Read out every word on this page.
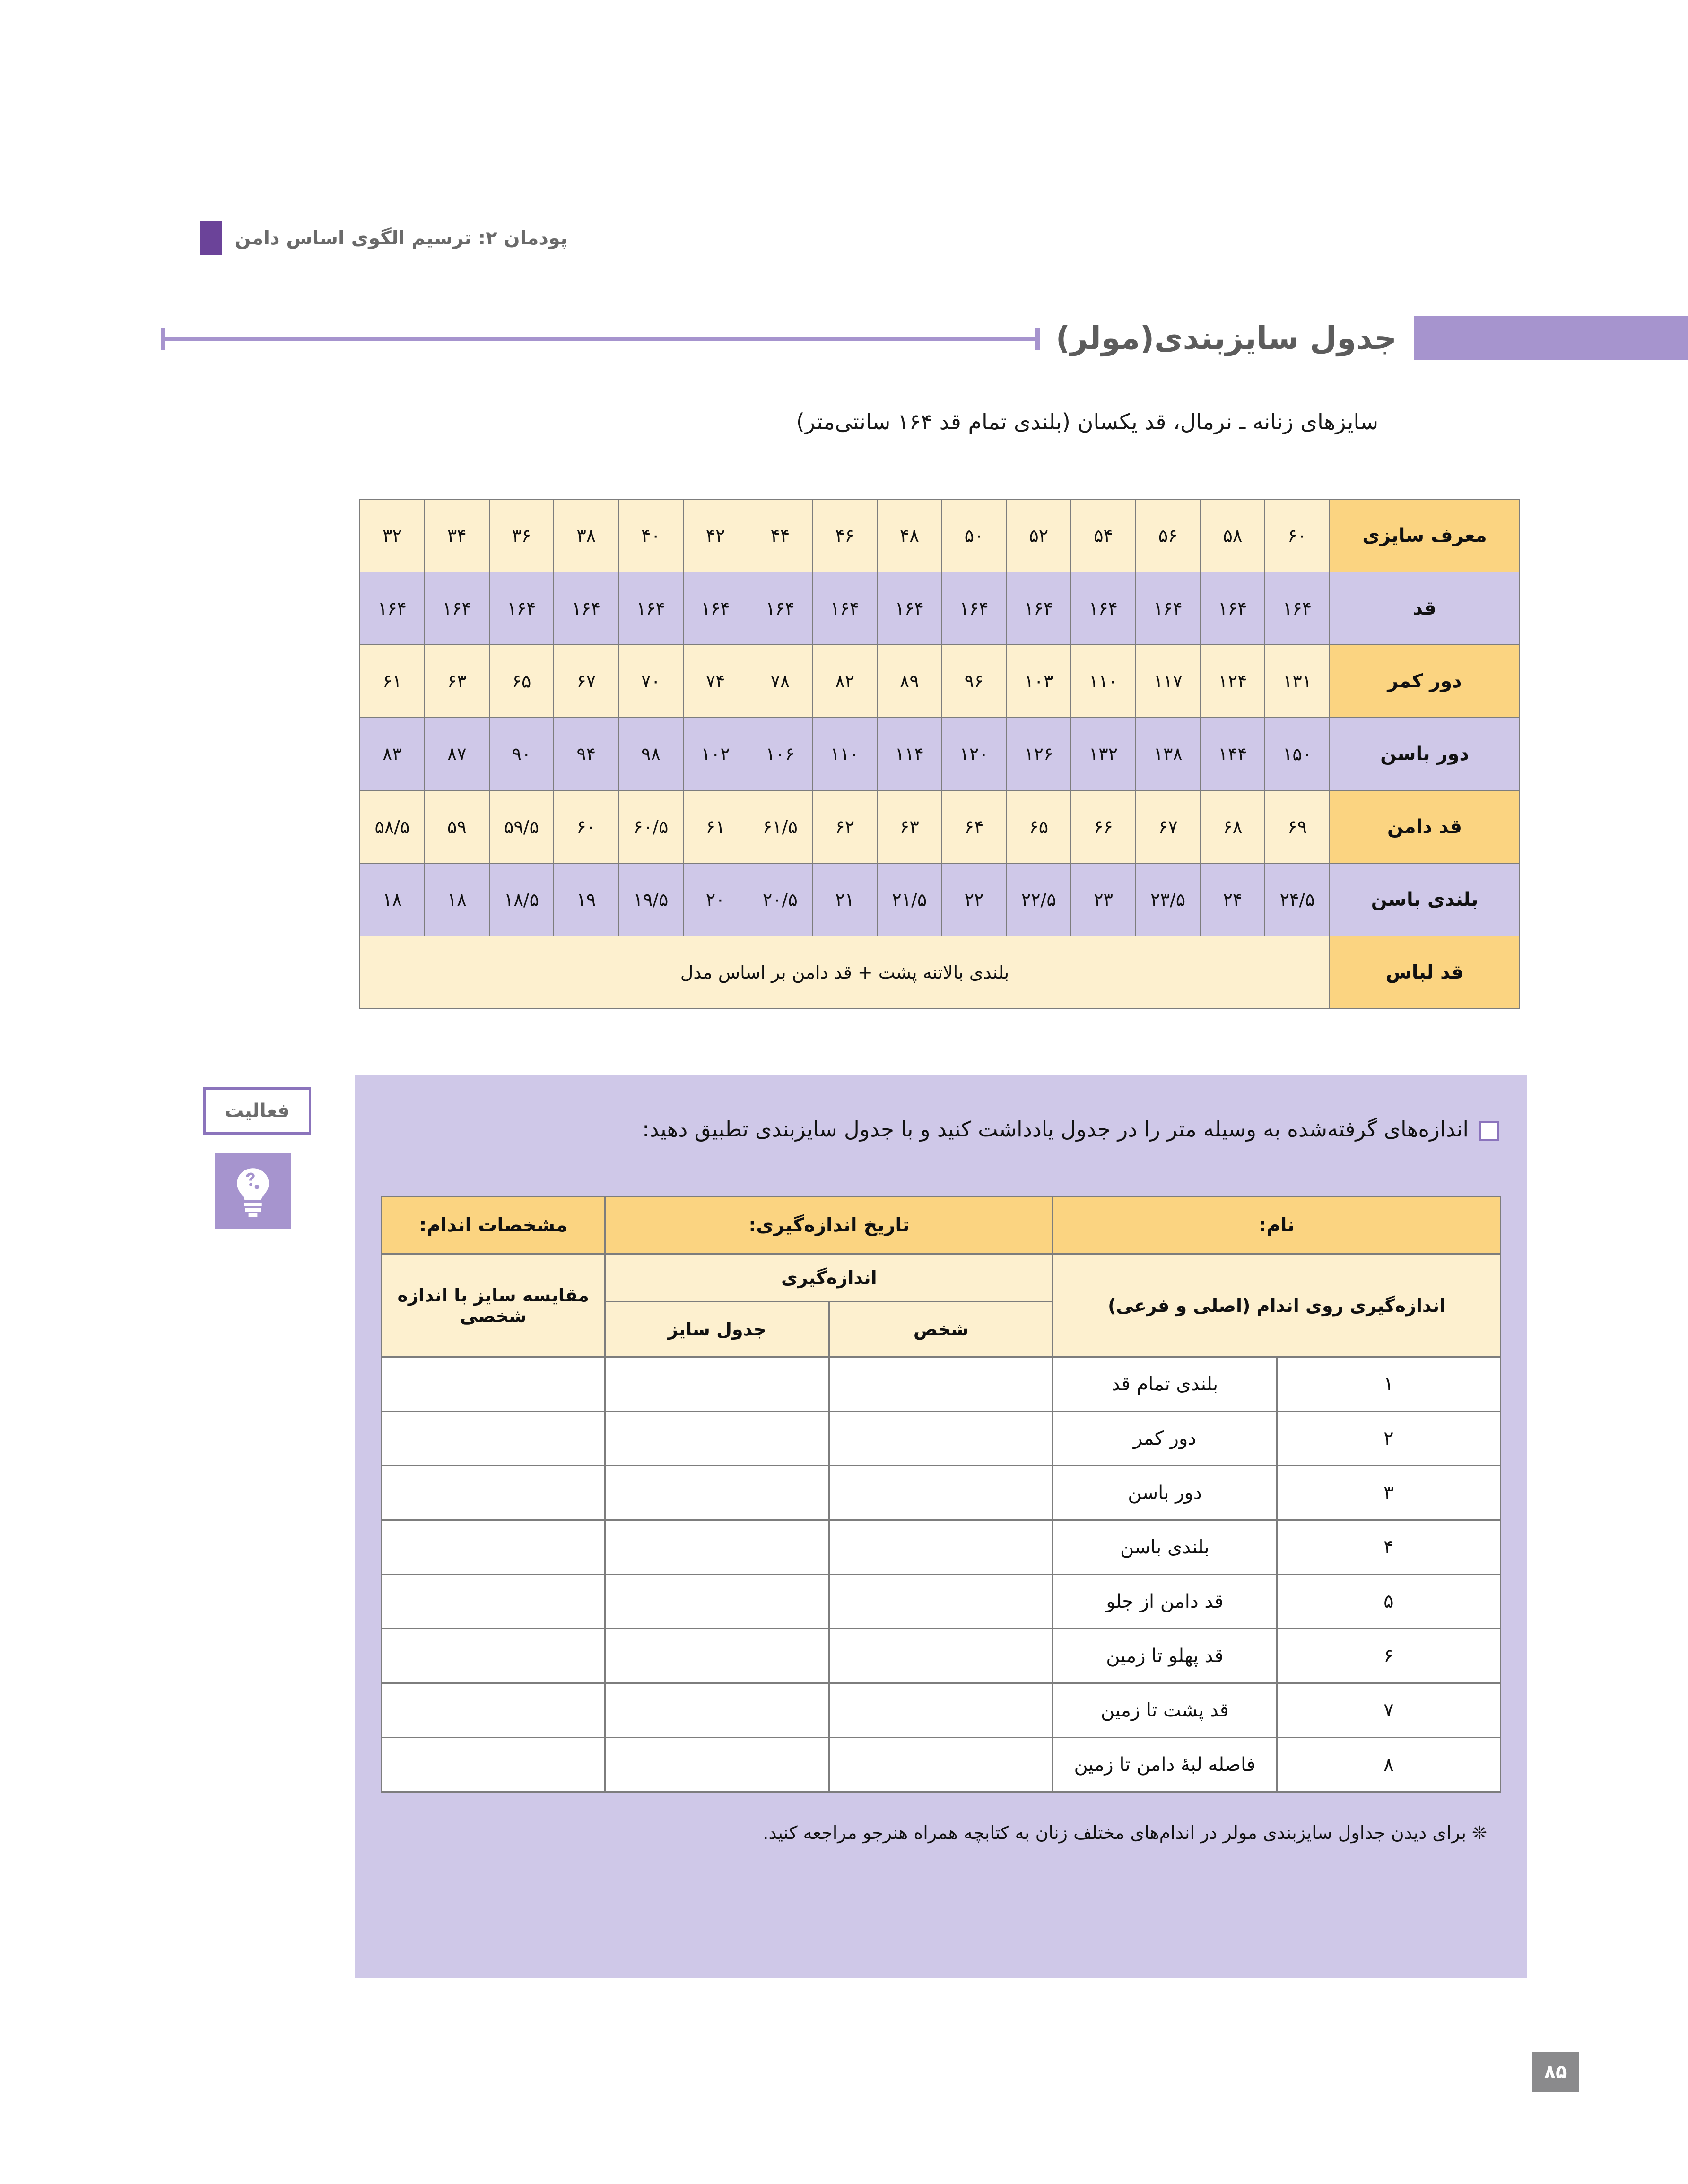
پودمان ۲: ترسیم الگوی اساس دامن
جدول سایزبندی(مولر)
سایزهای زنانه ـ نرمال، قد یکسان (بلندی تمام قد ۱۶۴ سانتی‌متر)
معرف سایزی	۶۰	۵۸	۵۶	۵۴	۵۲	۵۰	۴۸	۴۶	۴۴	۴۲	۴۰	۳۸	۳۶	۳۴	۳۲
قد	۱۶۴	۱۶۴	۱۶۴	۱۶۴	۱۶۴	۱۶۴	۱۶۴	۱۶۴	۱۶۴	۱۶۴	۱۶۴	۱۶۴	۱۶۴	۱۶۴	۱۶۴
دور کمر	۱۳۱	۱۲۴	۱۱۷	۱۱۰	۱۰۳	۹۶	۸۹	۸۲	۷۸	۷۴	۷۰	۶۷	۶۵	۶۳	۶۱
دور باسن	۱۵۰	۱۴۴	۱۳۸	۱۳۲	۱۲۶	۱۲۰	۱۱۴	۱۱۰	۱۰۶	۱۰۲	۹۸	۹۴	۹۰	۸۷	۸۳
قد دامن	۶۹	۶۸	۶۷	۶۶	۶۵	۶۴	۶۳	۶۲	۶۱/۵	۶۱	۶۰/۵	۶۰	۵۹/۵	۵۹	۵۸/۵
بلندی باسن	۲۴/۵	۲۴	۲۳/۵	۲۳	۲۲/۵	۲۲	۲۱/۵	۲۱	۲۰/۵	۲۰	۱۹/۵	۱۹	۱۸/۵	۱۸	۱۸
قد لباس	بلندی بالاتنه پشت + قد دامن بر اساس مدل														
فعالیت
اندازه‌های گرفته‌شده به وسیله متر را در جدول یادداشت کنید و با جدول سایزبندی تطبیق دهید:
نام:		تاریخ اندازه‌گیری:		مشخصات اندام:
اندازه‌گیری روی اندام (اصلی و فرعی)		اندازه‌گیری		مقایسه سایز با اندازه شخصی
		شخص	جدول سایز	
۱	بلندی تمام قد			
۲	دور کمر			
۳	دور باسن			
۴	بلندی باسن			
۵	قد دامن از جلو			
۶	قد پهلو تا زمین			
۷	قد پشت تا زمین			
۸	فاصله لبۀ دامن تا زمین			
❊ برای دیدن جداول سایزبندی مولر در اندام‌های مختلف زنان به کتابچه همراه هنرجو مراجعه کنید.
۸۵
